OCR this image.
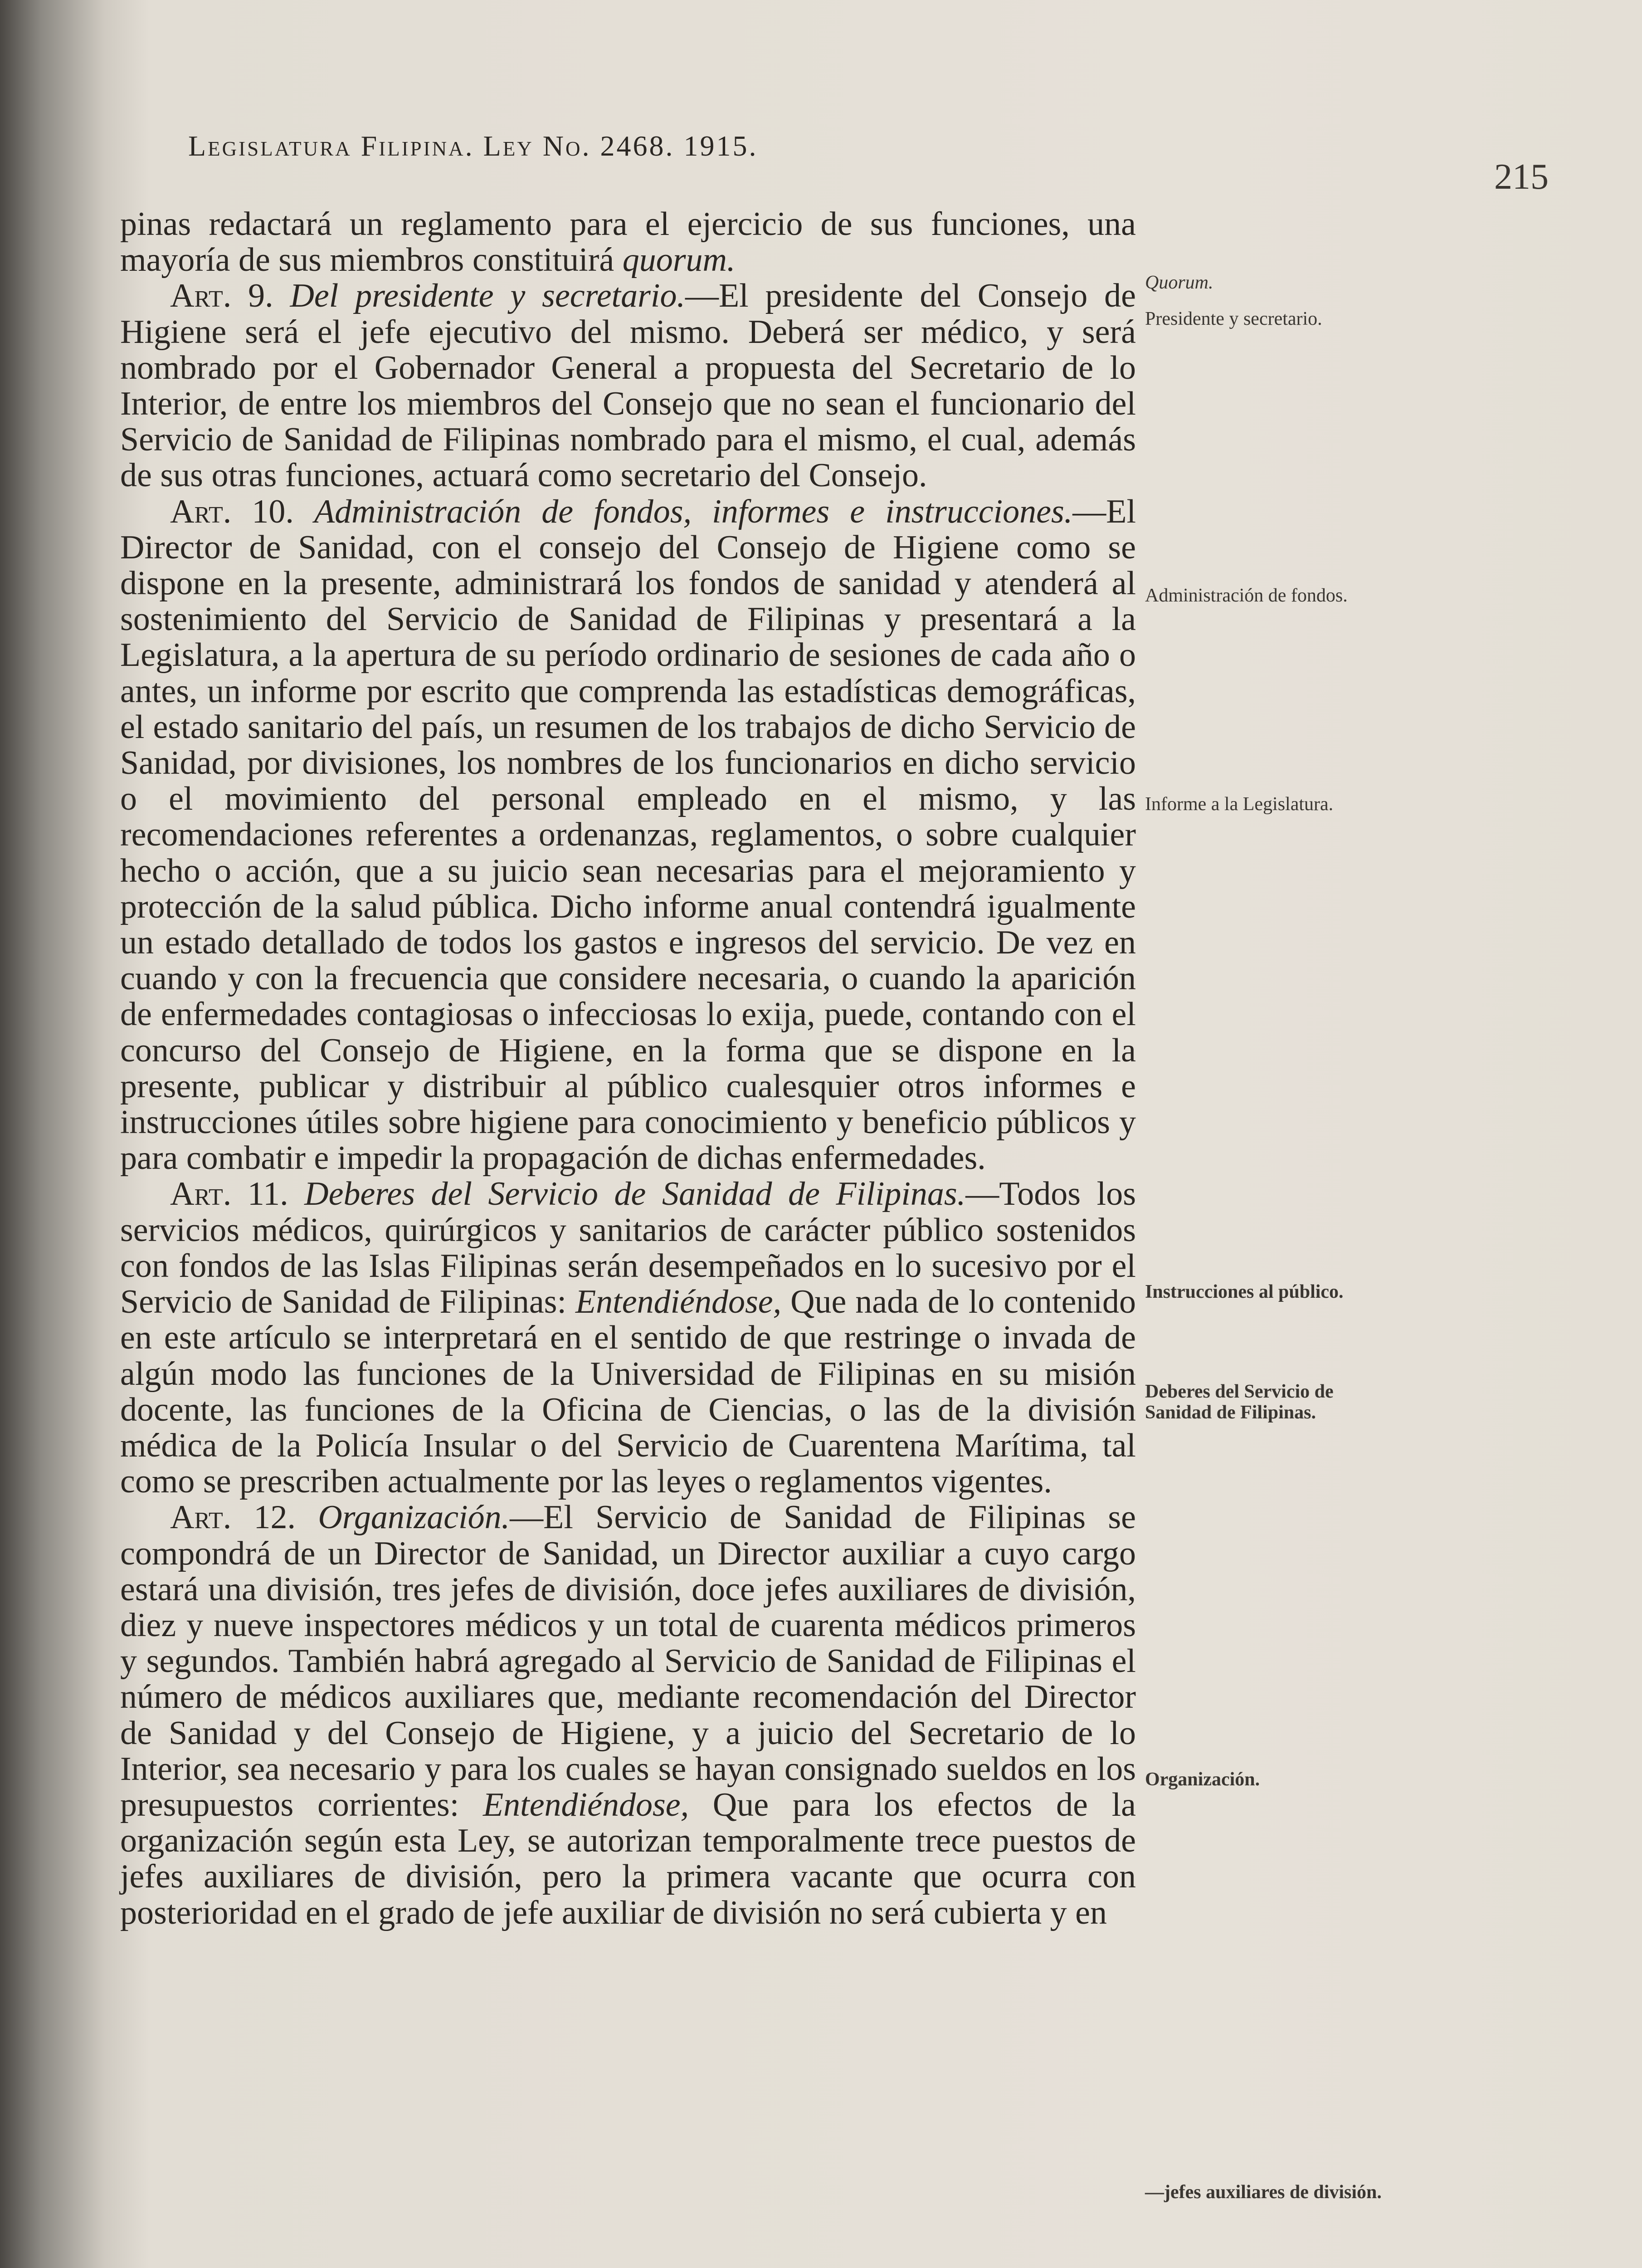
Legislatura Filipina. Ley No. 2468. 1915.
215

pinas redactará un reglamento para el ejercicio de sus funciones, una mayoría de sus miembros constituirá quorum.

Art. 9. Del presidente y secretario.—El presidente del Consejo de Higiene será el jefe ejecutivo del mismo. Deberá ser médico, y será nombrado por el Gobernador General a propuesta del Secretario de lo Interior, de entre los miembros del Consejo que no sean el funcionario del Servicio de Sanidad de Filipinas nombrado para el mismo, el cual, además de sus otras funciones, actuará como secretario del Consejo.

Art. 10. Administración de fondos, informes e instrucciones.—El Director de Sanidad, con el consejo del Consejo de Higiene como se dispone en la presente, administrará los fondos de sanidad y atenderá al sostenimiento del Servicio de Sanidad de Filipinas y presentará a la Legislatura, a la apertura de su período ordinario de sesiones de cada año o antes, un informe por escrito que comprenda las estadísticas demográficas, el estado sanitario del país, un resumen de los trabajos de dicho Servicio de Sanidad, por divisiones, los nombres de los funcionarios en dicho servicio o el movimiento del personal empleado en el mismo, y las recomendaciones referentes a ordenanzas, reglamentos, o sobre cualquier hecho o acción, que a su juicio sean necesarias para el mejoramiento y protección de la salud pública. Dicho informe anual contendrá igualmente un estado detallado de todos los gastos e ingresos del servicio. De vez en cuando y con la frecuencia que considere necesaria, o cuando la aparición de enfermedades contagiosas o infecciosas lo exija, puede, contando con el concurso del Consejo de Higiene, en la forma que se dispone en la presente, publicar y distribuir al público cualesquier otros informes e instrucciones útiles sobre higiene para conocimiento y beneficio públicos y para combatir e impedir la propagación de dichas enfermedades.

Art. 11. Deberes del Servicio de Sanidad de Filipinas.—Todos los servicios médicos, quirúrgicos y sanitarios de carácter público sostenidos con fondos de las Islas Filipinas serán desempeñados en lo sucesivo por el Servicio de Sanidad de Filipinas: Entendiéndose, Que nada de lo contenido en este artículo se interpretará en el sentido de que restringe o invada de algún modo las funciones de la Universidad de Filipinas en su misión docente, las funciones de la Oficina de Ciencias, o las de la división médica de la Policía Insular o del Servicio de Cuarentena Marítima, tal como se prescriben actualmente por las leyes o reglamentos vigentes.

Art. 12. Organización.—El Servicio de Sanidad de Filipinas se compondrá de un Director de Sanidad, un Director auxiliar a cuyo cargo estará una división, tres jefes de división, doce jefes auxiliares de división, diez y nueve inspectores médicos y un total de cuarenta médicos primeros y segundos. También habrá agregado al Servicio de Sanidad de Filipinas el número de médicos auxiliares que, mediante recomendación del Director de Sanidad y del Consejo de Higiene, y a juicio del Secretario de lo Interior, sea necesario y para los cuales se hayan consignado sueldos en los presupuestos corrientes: Entendiéndose, Que para los efectos de la organización según esta Ley, se autorizan temporalmente trece puestos de jefes auxiliares de división, pero la primera vacante que ocurra con posterioridad en el grado de jefe auxiliar de división no será cubierta y en

Quorum.
Presidente y secretario.
Administración de fondos.
Informe a la Legislatura.
Instrucciones al público.
Deberes del Servicio de Sanidad de Filipinas.
Organización.
—jefes auxiliares de división.
